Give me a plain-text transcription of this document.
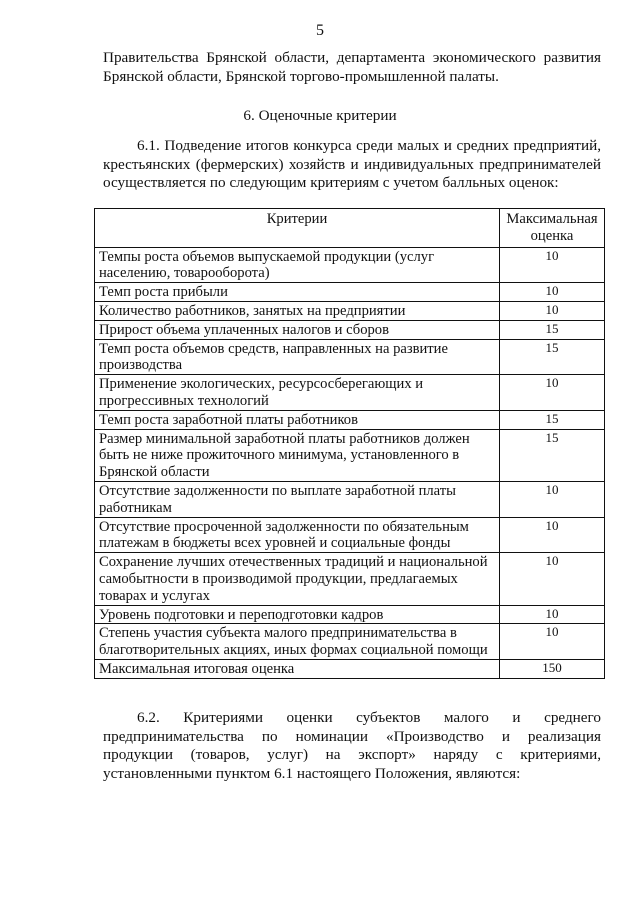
5
Правительства Брянской области, департамента экономического развития Брянской области, Брянской торгово-промышленной палаты.
6. Оценочные критерии
6.1. Подведение итогов конкурса среди малых и средних предприятий, крестьянских (фермерских) хозяйств и индивидуальных предпринимателей осуществляется по следующим критериям с учетом балльных оценок:
Критерии	Максимальная оценка
Темпы роста объемов выпускаемой продукции (услуг населению, товарооборота)	10
Темп роста прибыли	10
Количество работников, занятых на предприятии	10
Прирост объема уплаченных налогов и сборов	15
Темп роста объемов средств, направленных на развитие производства	15
Применение экологических, ресурсосберегающих и прогрессивных технологий	10
Темп роста заработной платы работников	15
Размер минимальной заработной платы работников должен быть не ниже прожиточного минимума, установленного в Брянской области	15
Отсутствие задолженности по выплате заработной платы работникам	10
Отсутствие просроченной задолженности по обязательным платежам в бюджеты всех уровней и социальные фонды	10
Сохранение лучших отечественных традиций и национальной самобытности в производимой продукции, предлагаемых товарах и услугах	10
Уровень подготовки и переподготовки кадров	10
Степень участия субъекта малого предпринимательства в благотворительных акциях, иных формах социальной помощи	10
Максимальная итоговая оценка	150
6.2. Критериями оценки субъектов малого и среднего предпринимательства по номинации «Производство и реализация продукции (товаров, услуг) на экспорт» наряду с критериями, установленными пунктом 6.1 настоящего Положения, являются:
